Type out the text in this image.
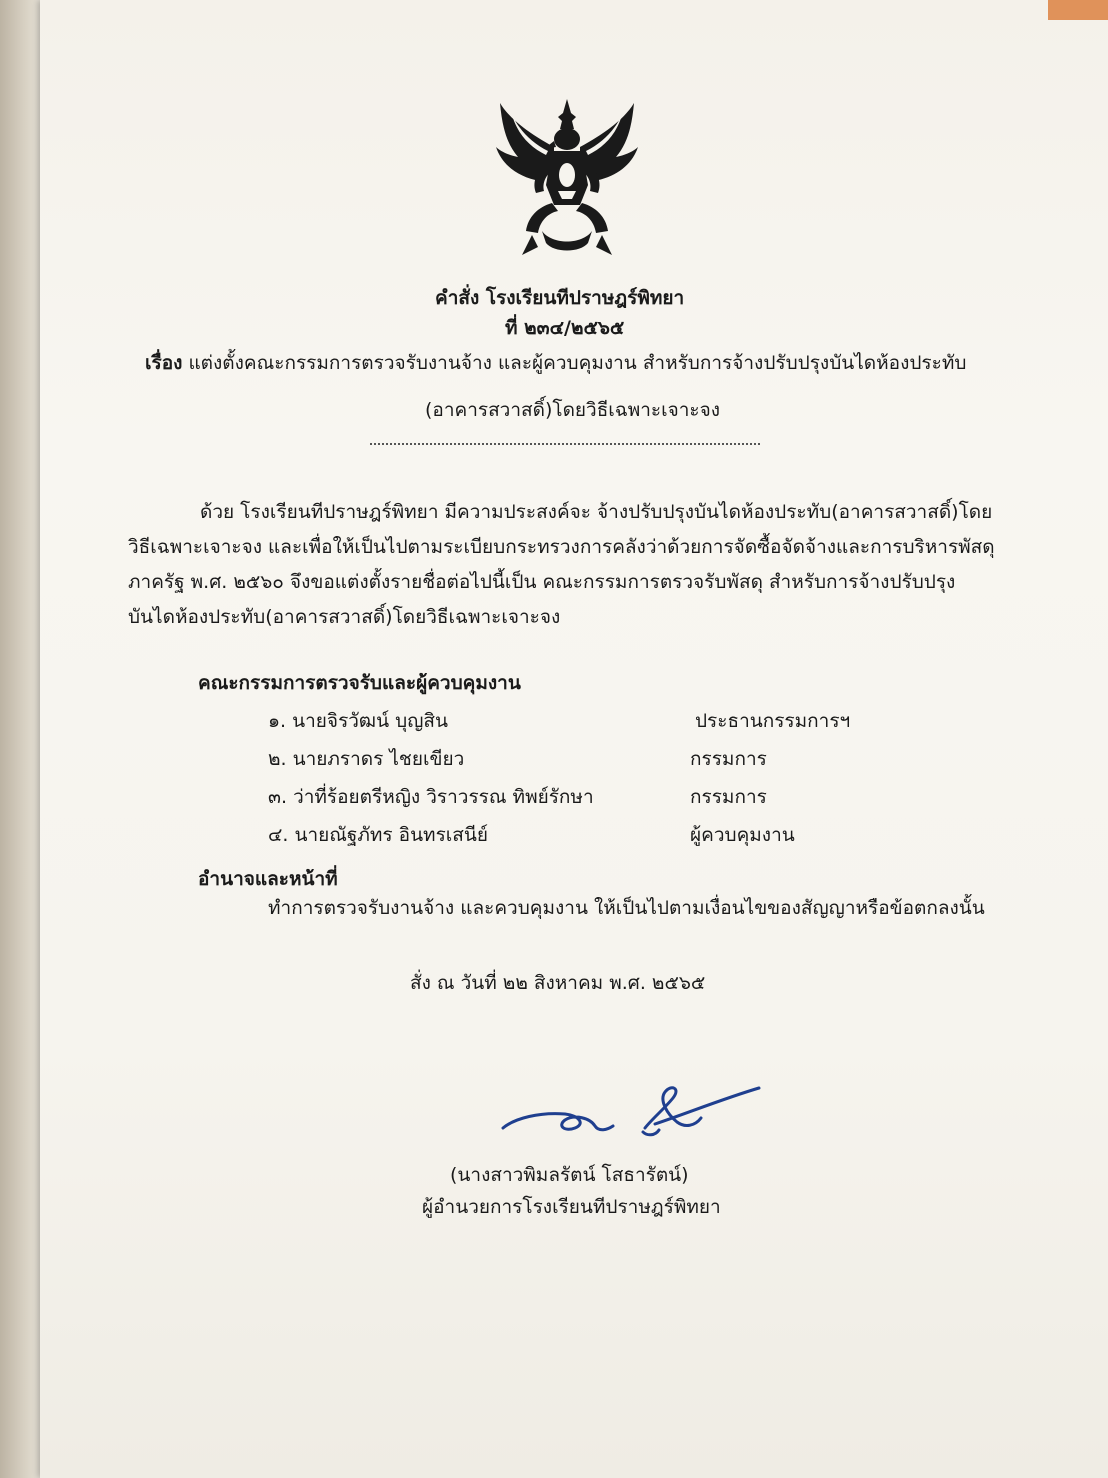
คำสั่ง โรงเรียนทีปราษฎร์พิทยา
ที่ ๒๓๔/๒๕๖๕
เรื่อง แต่งตั้งคณะกรรมการตรวจรับงานจ้าง และผู้ควบคุมงาน สำหรับการจ้างปรับปรุงบันไดห้องประทับ
(อาคารสวาสดิ์)โดยวิธีเฉพาะเจาะจง
ด้วย โรงเรียนทีปราษฎร์พิทยา มีความประสงค์จะ จ้างปรับปรุงบันไดห้องประทับ(อาคารสวาสดิ์)โดย
วิธีเฉพาะเจาะจง และเพื่อให้เป็นไปตามระเบียบกระทรวงการคลังว่าด้วยการจัดซื้อจัดจ้างและการบริหารพัสดุ
ภาครัฐ พ.ศ. ๒๕๖๐ จึงขอแต่งตั้งรายชื่อต่อไปนี้เป็น คณะกรรมการตรวจรับพัสดุ สำหรับการจ้างปรับปรุง
บันไดห้องประทับ(อาคารสวาสดิ์)โดยวิธีเฉพาะเจาะจง
คณะกรรมการตรวจรับและผู้ควบคุมงาน
๑. นายจิรวัฒน์ บุญสิน	ประธานกรรมการฯ
๒. นายภราดร ไชยเขียว	กรรมการ
๓. ว่าที่ร้อยตรีหญิง วิราวรรณ ทิพย์รักษา	กรรมการ
๔. นายณัฐภัทร อินทรเสนีย์	ผู้ควบคุมงาน
อำนาจและหน้าที่
ทำการตรวจรับงานจ้าง และควบคุมงาน ให้เป็นไปตามเงื่อนไขของสัญญาหรือข้อตกลงนั้น
สั่ง ณ วันที่ ๒๒ สิงหาคม พ.ศ. ๒๕๖๕
(นางสาวพิมลรัตน์ โสธารัตน์)
ผู้อำนวยการโรงเรียนทีปราษฎร์พิทยา
